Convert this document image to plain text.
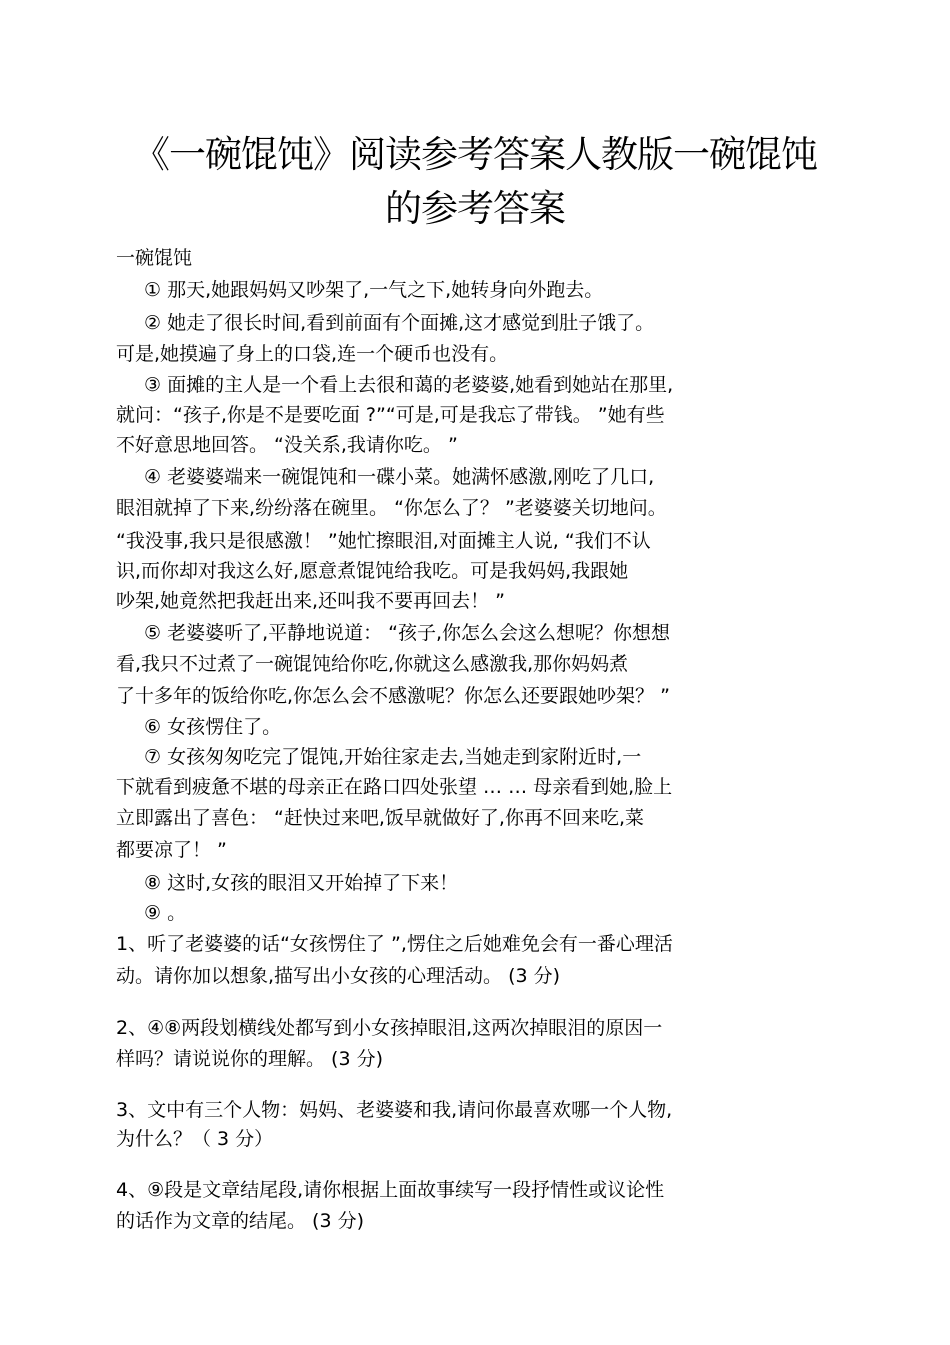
《一碗馄饨》阅读参考答案人教版一碗馄饨
的参考答案
一碗馄饨
① 那天,她跟妈妈又吵架了,一气之下,她转身向外跑去。
② 她走了很长时间,看到前面有个面摊,这才感觉到肚子饿了。
可是,她摸遍了身上的口袋,连一个硬币也没有。
③ 面摊的主人是一个看上去很和蔼的老婆婆,她看到她站在那里,
就问：“孩子,你是不是要吃面 ?”“可是,可是我忘了带钱。 ”她有些
不好意思地回答。 “没关系,我请你吃。 ”
④ 老婆婆端来一碗馄饨和一碟小菜。她满怀感激,刚吃了几口,
眼泪就掉了下来,纷纷落在碗里。 “你怎么了？ ”老婆婆关切地问。
“我没事,我只是很感激！ ”她忙擦眼泪,对面摊主人说, “我们不认
识,而你却对我这么好,愿意煮馄饨给我吃。可是我妈妈,我跟她
吵架,她竟然把我赶出来,还叫我不要再回去！ ”
⑤ 老婆婆听了,平静地说道： “孩子,你怎么会这么想呢？你想想
看,我只不过煮了一碗馄饨给你吃,你就这么感激我,那你妈妈煮
了十多年的饭给你吃,你怎么会不感激呢？你怎么还要跟她吵架？ ”
⑥ 女孩愣住了。
⑦ 女孩匆匆吃完了馄饨,开始往家走去,当她走到家附近时,一
下就看到疲惫不堪的母亲正在路口四处张望 … … 母亲看到她,脸上
立即露出了喜色： “赶快过来吧,饭早就做好了,你再不回来吃,菜
都要凉了！ ”
⑧ 这时,女孩的眼泪又开始掉了下来！
⑨ 。
1、听了老婆婆的话“女孩愣住了 ”,愣住之后她难免会有一番心理活
动。请你加以想象,描写出小女孩的心理活动。 (3 分)
2、④⑧两段划横线处都写到小女孩掉眼泪,这两次掉眼泪的原因一
样吗？请说说你的理解。 (3 分)
3、文中有三个人物：妈妈、老婆婆和我,请问你最喜欢哪一个人物,
为什么？（ 3 分）
4、⑨段是文章结尾段,请你根据上面故事续写一段抒情性或议论性
的话作为文章的结尾。 (3 分)
